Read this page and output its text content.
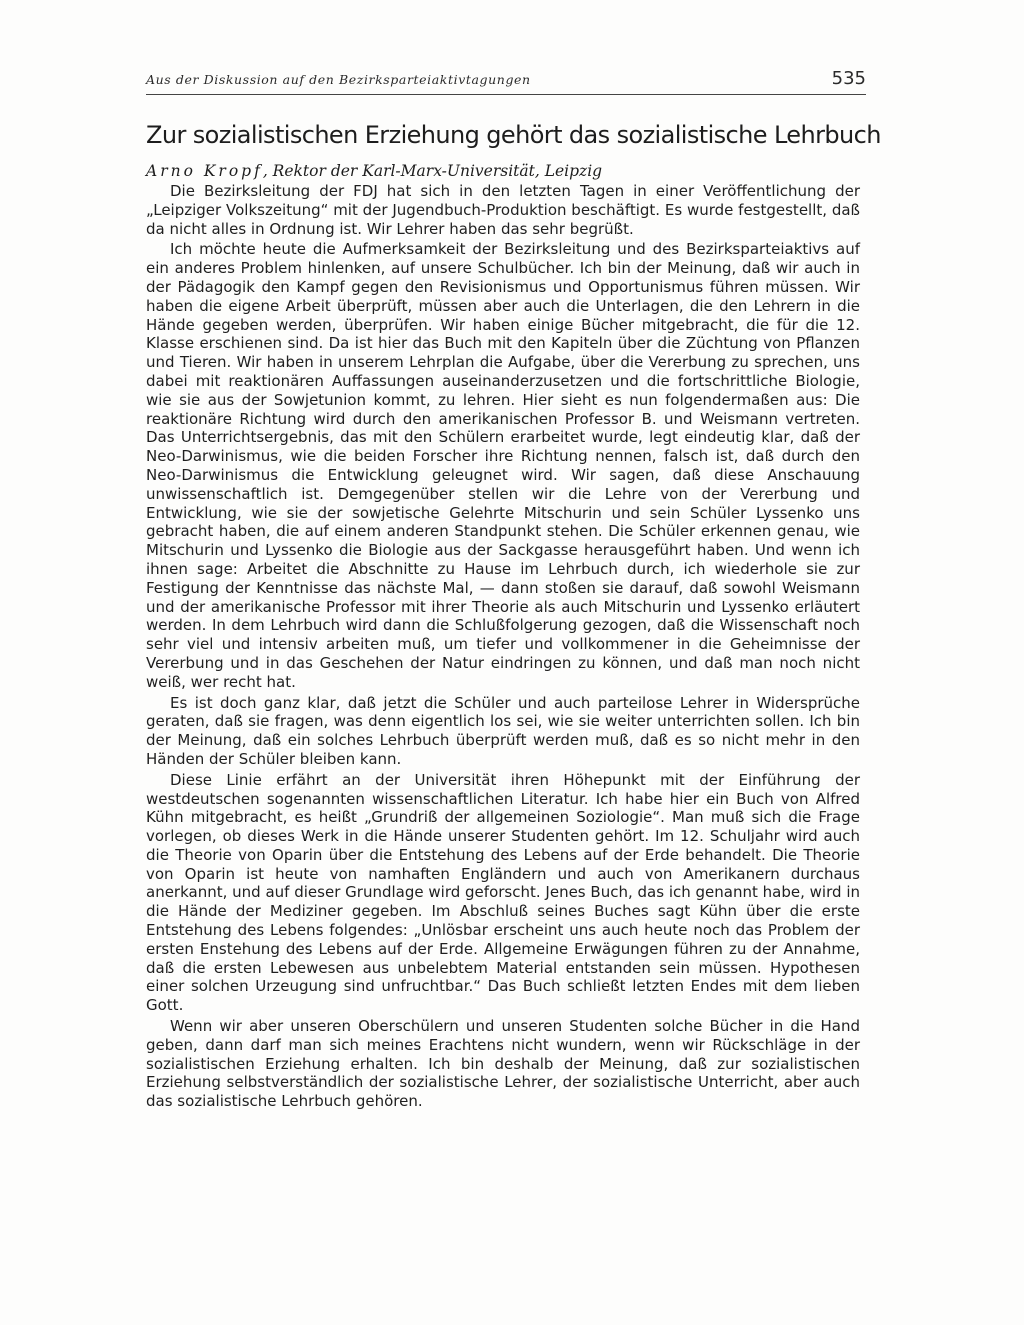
Aus der Diskussion auf den Bezirksparteiaktivtagungen	535
Zur sozialistischen Erziehung gehört das sozialistische Lehrbuch
Arno Kropf, Rektor der Karl-Marx-Universität, Leipzig

Die Bezirksleitung der FDJ hat sich in den letzten Tagen in einer Veröffentlichung der „Leipziger Volkszeitung“ mit der Jugendbuch-Produktion beschäftigt. Es wurde festgestellt, daß da nicht alles in Ordnung ist. Wir Lehrer haben das sehr begrüßt.

Ich möchte heute die Aufmerksamkeit der Bezirksleitung und des Bezirksparteiaktivs auf ein anderes Problem hinlenken, auf unsere Schulbücher. Ich bin der Meinung, daß wir auch in der Pädagogik den Kampf gegen den Revisionismus und Opportunismus führen müssen. Wir haben die eigene Arbeit überprüft, müssen aber auch die Unterlagen, die den Lehrern in die Hände gegeben werden, überprüfen. Wir haben einige Bücher mitgebracht, die für die 12. Klasse erschienen sind. Da ist hier das Buch mit den Kapiteln über die Züchtung von Pflanzen und Tieren. Wir haben in unserem Lehrplan die Aufgabe, über die Vererbung zu sprechen, uns dabei mit reaktionären Auffassungen auseinanderzusetzen und die fortschrittliche Biologie, wie sie aus der Sowjetunion kommt, zu lehren. Hier sieht es nun folgendermaßen aus: Die reaktionäre Richtung wird durch den amerikanischen Professor B. und Weismann vertreten. Das Unterrichtsergebnis, das mit den Schülern erarbeitet wurde, legt eindeutig klar, daß der Neo-Darwinismus, wie die beiden Forscher ihre Richtung nennen, falsch ist, daß durch den Neo-Darwinismus die Entwicklung geleugnet wird. Wir sagen, daß diese Anschauung unwissenschaftlich ist. Demgegenüber stellen wir die Lehre von der Vererbung und Entwicklung, wie sie der sowjetische Gelehrte Mitschurin und sein Schüler Lyssenko uns gebracht haben, die auf einem anderen Standpunkt stehen. Die Schüler erkennen genau, wie Mitschurin und Lyssenko die Biologie aus der Sackgasse herausgeführt haben. Und wenn ich ihnen sage: Arbeitet die Abschnitte zu Hause im Lehrbuch durch, ich wiederhole sie zur Festigung der Kenntnisse das nächste Mal, — dann stoßen sie darauf, daß sowohl Weismann und der amerikanische Professor mit ihrer Theorie als auch Mitschurin und Lyssenko erläutert werden. In dem Lehrbuch wird dann die Schlußfolgerung gezogen, daß die Wissenschaft noch sehr viel und intensiv arbeiten muß, um tiefer und vollkommener in die Geheimnisse der Vererbung und in das Geschehen der Natur eindringen zu können, und daß man noch nicht weiß, wer recht hat.

Es ist doch ganz klar, daß jetzt die Schüler und auch parteilose Lehrer in Widersprüche geraten, daß sie fragen, was denn eigentlich los sei, wie sie weiter unterrichten sollen. Ich bin der Meinung, daß ein solches Lehrbuch überprüft werden muß, daß es so nicht mehr in den Händen der Schüler bleiben kann.

Diese Linie erfährt an der Universität ihren Höhepunkt mit der Einführung der westdeutschen sogenannten wissenschaftlichen Literatur. Ich habe hier ein Buch von Alfred Kühn mitgebracht, es heißt „Grundriß der allgemeinen Soziologie“. Man muß sich die Frage vorlegen, ob dieses Werk in die Hände unserer Studenten gehört. Im 12. Schuljahr wird auch die Theorie von Oparin über die Entstehung des Lebens auf der Erde behandelt. Die Theorie von Oparin ist heute von namhaften Engländern und auch von Amerikanern durchaus anerkannt, und auf dieser Grundlage wird geforscht. Jenes Buch, das ich genannt habe, wird in die Hände der Mediziner gegeben. Im Abschluß seines Buches sagt Kühn über die erste Entstehung des Lebens folgendes: „Unlösbar erscheint uns auch heute noch das Problem der ersten Enstehung des Lebens auf der Erde. Allgemeine Erwägungen führen zu der Annahme, daß die ersten Lebewesen aus unbelebtem Material entstanden sein müssen. Hypothesen einer solchen Urzeugung sind unfruchtbar.“ Das Buch schließt letzten Endes mit dem lieben Gott.

Wenn wir aber unseren Oberschülern und unseren Studenten solche Bücher in die Hand geben, dann darf man sich meines Erachtens nicht wundern, wenn wir Rückschläge in der sozialistischen Erziehung erhalten. Ich bin deshalb der Meinung, daß zur sozialistischen Erziehung selbstverständlich der sozialistische Lehrer, der sozialistische Unterricht, aber auch das sozialistische Lehrbuch gehören.
